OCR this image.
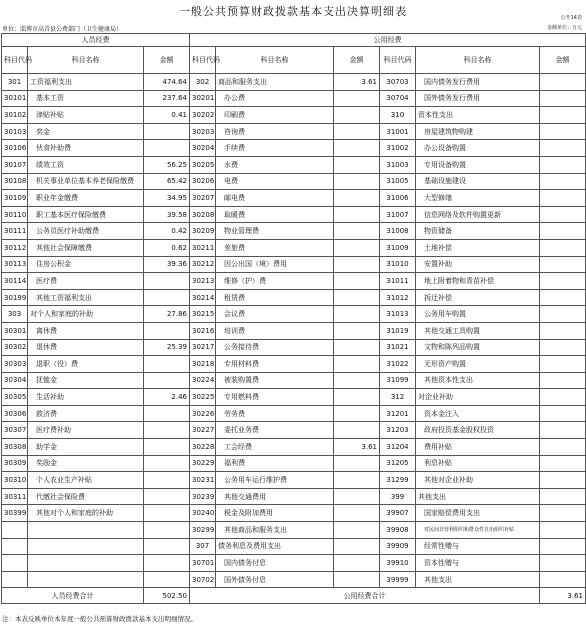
一般公共预算财政拨款基本支出决算明细表	公开14表
单位：淄博市高青县公费部门（卫生健康局）	金额单位：万元
人员经费			公用经费					
科目代码	科目名称	金额	科目代码	科目名称	金额	科目代码	科目名称	金额
301	工资福利支出	474.64	302	商品和服务支出	3.61	30703	国内债务发行费用	
30101	基本工资	237.64	30201	办公费		30704	国外债务发行费用	
30102	津贴补贴	0.41	30202	印刷费		310	资本性支出	
30103	奖金		30203	咨询费		31001	房屋建筑物购建	
30106	伙食补助费		30204	手续费		31002	办公设备购置	
30107	绩效工资	56.25	30205	水费		31003	专用设备购置	
30108	机关事业单位基本养老保险缴费	65.42	30206	电费		31005	基础设施建设	
30109	职业年金缴费	34.95	30207	邮电费		31006	大型修缮	
30110	职工基本医疗保险缴费	39.58	30208	取暖费		31007	信息网络及软件购置更新	
30111	公务员医疗补助缴费	0.42	30209	物业管理费		31008	物资储备	
30112	其他社会保障缴费	0.62	30211	差旅费		31009	土地补偿	
30113	住房公积金	39.36	30212	因公出国（境）费用		31010	安置补助	
30114	医疗费		30213	维修（护）费		31011	地上附着物和青苗补偿	
30199	其他工资福利支出		30214	租赁费		31012	拆迁补偿	
303	对个人和家庭的补助	27.86	30215	会议费		31013	公务用车购置	
30301	离休费		30216	培训费		31019	其他交通工具购置	
30302	退休费	25.39	30217	公务接待费		31021	文物和陈列品购置	
30303	退职（役）费		30218	专用材料费		31022	无形资产购置	
30304	抚恤金		30224	被装购置费		31099	其他资本性支出	
30305	生活补助	2.46	30225	专用燃料费		312	对企业补助	
30306	救济费		30226	劳务费		31201	资本金注入	
30307	医疗费补助		30227	委托业务费		31203	政府投资基金股权投资	
30308	助学金		30228	工会经费	3.61	31204	费用补贴	
30309	奖励金		30229	福利费		31205	利息补贴	
30310	个人农业生产补贴		30231	公务用车运行维护费		31299	其他对企业补助	
30311	代缴社会保险费		30239	其他交通费用		399	其他支出	
30399	其他对个人和家庭的补助		30240	税金及附加费用		39907	国家赔偿费用支出	
			30299	其他商品和服务支出		39908	对民间非营利组织和群众性自治组织补贴	
			307	债务利息及费用支出		39909	经常性赠与	
			30701	国内债务付息		39910	资本性赠与	
			30702	国外债务付息		39999	其他支出	
人员经费合计		502.50	公用经费合计					3.61
注：本表反映单位本年度一般公共预算财政拨款基本支出明细情况。
